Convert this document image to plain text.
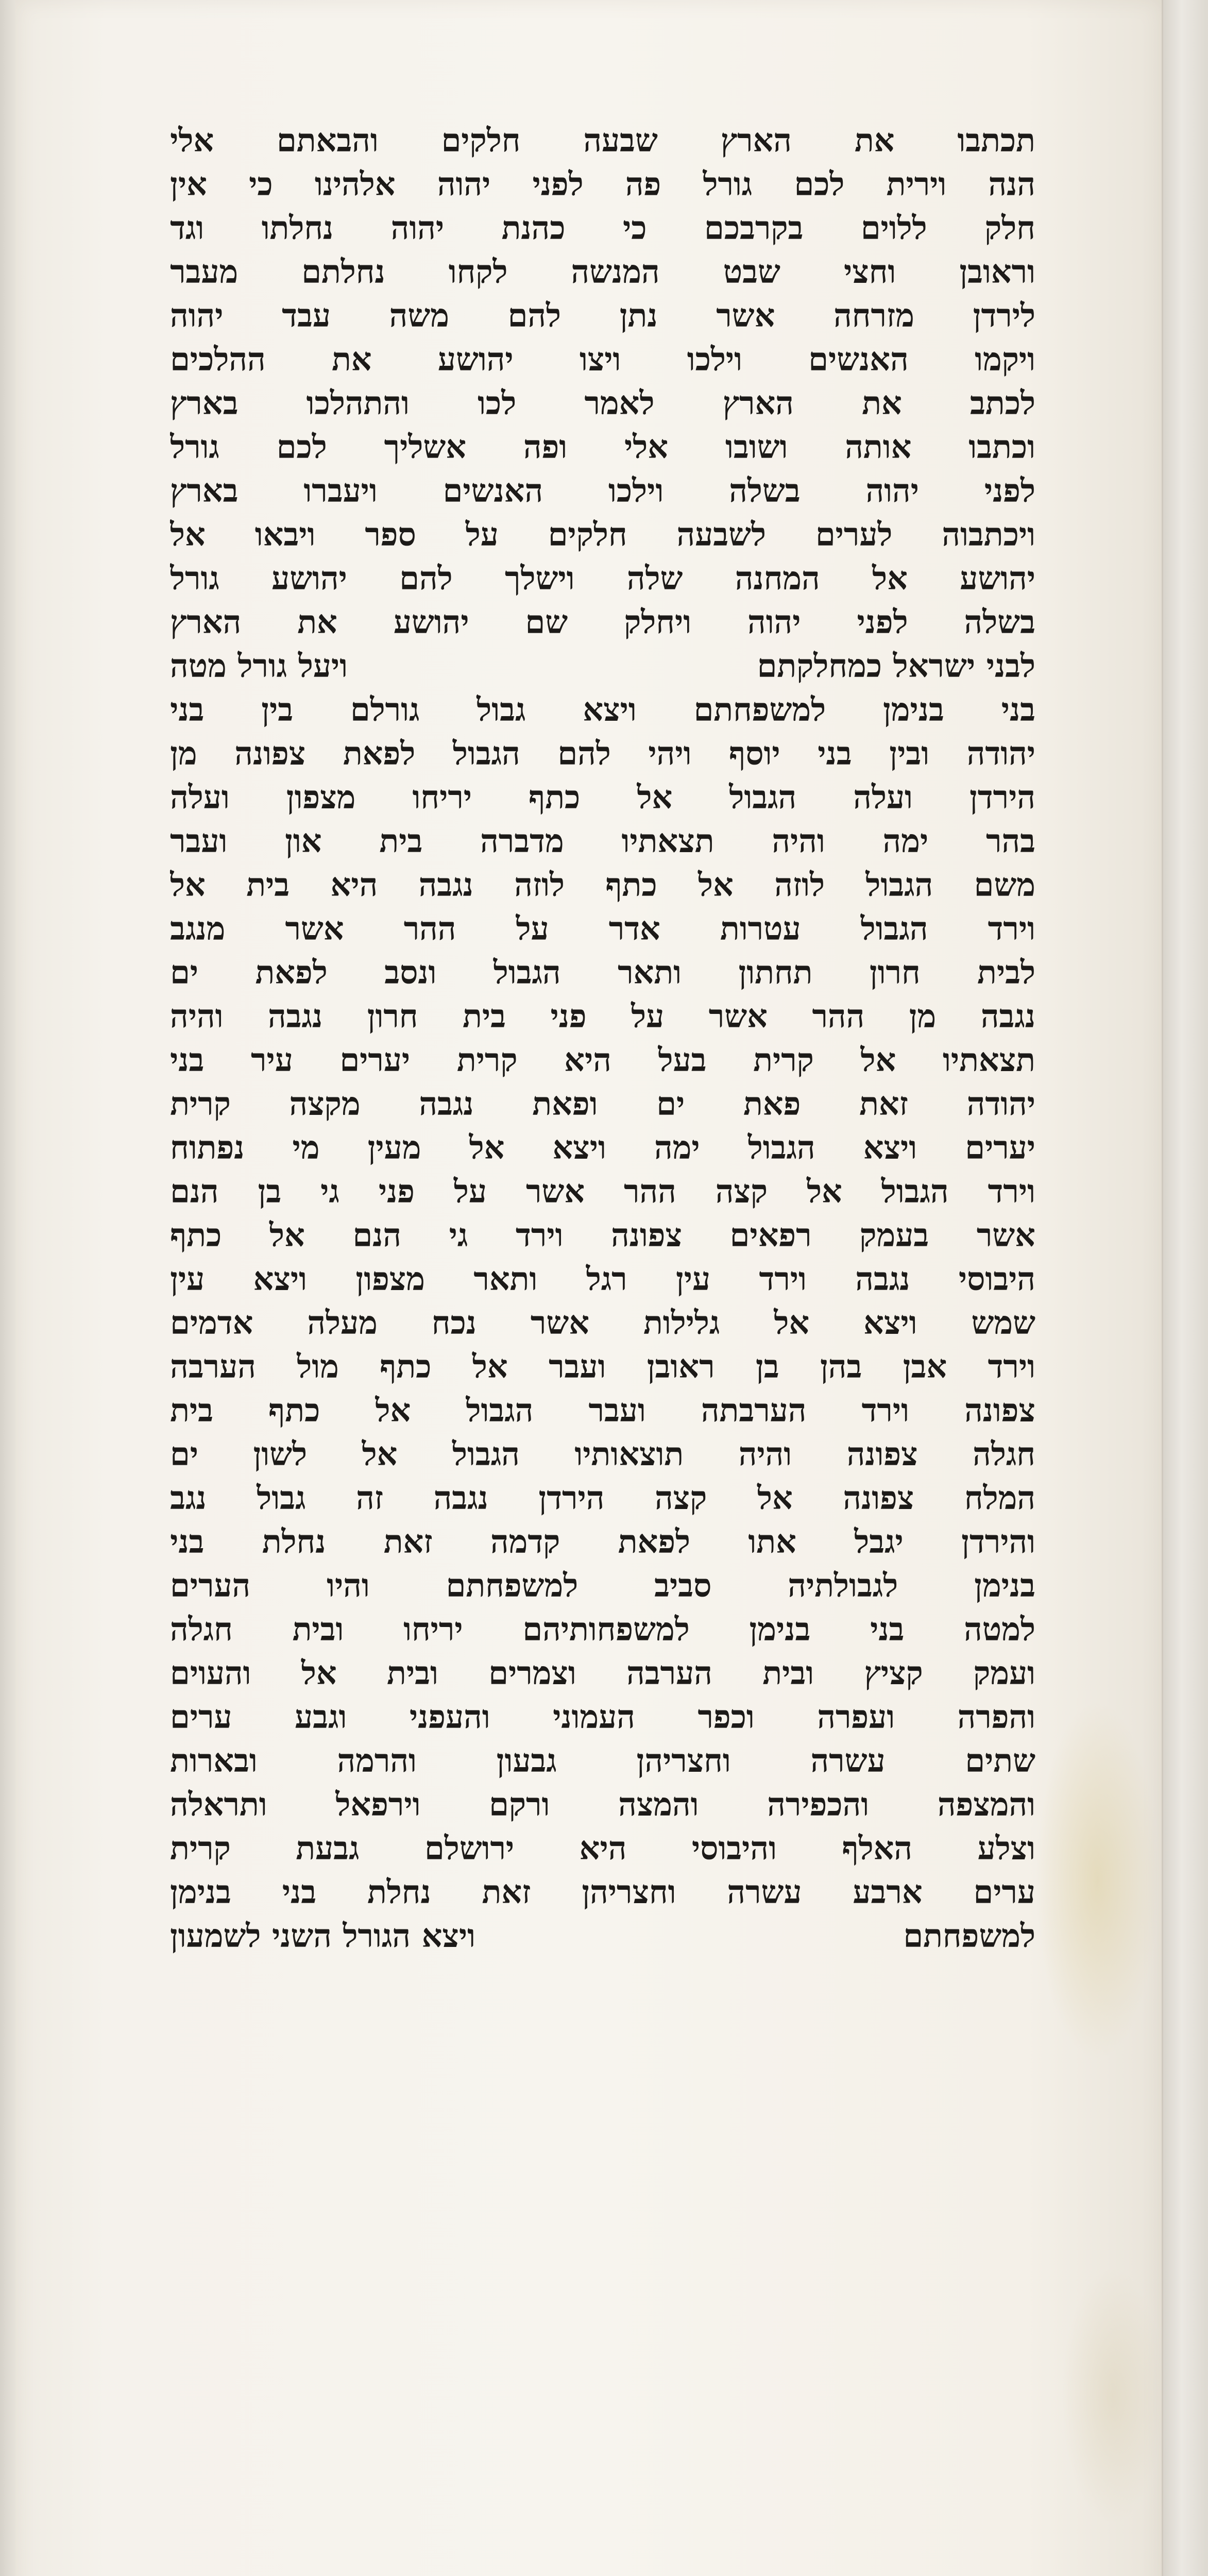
תכתבו
את
הארץ
שבעה
חלקים
והבאתם
אלי
הנה
וירית
לכם
גורל
פה
לפני
יהוה
אלהינו
כי
אין
חלק
ללוים
בקרבכם
כי
כהנת
יהוה
נחלתו
וגד
וראובן
וחצי
שבט
המנשה
לקחו
נחלתם
מעבר
לירדן
מזרחה
אשר
נתן
להם
משה
עבד
יהוה
ויקמו
האנשים
וילכו
ויצו
יהושע
את
ההלכים
לכתב
את
הארץ
לאמר
לכו
והתהלכו
בארץ
וכתבו
אותה
ושובו
אלי
ופה
אשליך
לכם
גורל
לפני
יהוה
בשלה
וילכו
האנשים
ויעברו
בארץ
ויכתבוה
לערים
לשבעה
חלקים
על
ספר
ויבאו
אל
יהושע
אל
המחנה
שלה
וישלך
להם
יהושע
גורל
בשלה
לפני
יהוה
ויחלק
שם
יהושע
את
הארץ
לבני ישראל כמחלקתם
ויעל גורל מטה
בני
בנימן
למשפחתם
ויצא
גבול
גורלם
בין
בני
יהודה
ובין
בני
יוסף
ויהי
להם
הגבול
לפאת
צפונה
מן
הירדן
ועלה
הגבול
אל
כתף
יריחו
מצפון
ועלה
בהר
ימה
והיה
תצאתיו
מדברה
בית
און
ועבר
משם
הגבול
לוזה
אל
כתף
לוזה
נגבה
היא
בית
אל
וירד
הגבול
עטרות
אדר
על
ההר
אשר
מנגב
לבית
חרון
תחתון
ותאר
הגבול
ונסב
לפאת
ים
נגבה
מן
ההר
אשר
על
פני
בית
חרון
נגבה
והיה
תצאתיו
אל
קרית
בעל
היא
קרית
יערים
עיר
בני
יהודה
זאת
פאת
ים
ופאת
נגבה
מקצה
קרית
יערים
ויצא
הגבול
ימה
ויצא
אל
מעין
מי
נפתוח
וירד
הגבול
אל
קצה
ההר
אשר
על
פני
גי
בן
הנם
אשר
בעמק
רפאים
צפונה
וירד
גי
הנם
אל
כתף
היבוסי
נגבה
וירד
עין
רגל
ותאר
מצפון
ויצא
עין
שמש
ויצא
אל
גלילות
אשר
נכח
מעלה
אדמים
וירד
אבן
בהן
בן
ראובן
ועבר
אל
כתף
מול
הערבה
צפונה
וירד
הערבתה
ועבר
הגבול
אל
כתף
בית
חגלה
צפונה
והיה
תוצאותיו
הגבול
אל
לשון
ים
המלח
צפונה
אל
קצה
הירדן
נגבה
זה
גבול
נגב
והירדן
יגבל
אתו
לפאת
קדמה
זאת
נחלת
בני
בנימן
לגבולתיה
סביב
למשפחתם
והיו
הערים
למטה
בני
בנימן
למשפחותיהם
יריחו
ובית
חגלה
ועמק
קציץ
ובית
הערבה
וצמרים
ובית
אל
והעוים
והפרה
ועפרה
וכפר
העמוני
והעפני
וגבע
ערים
שתים
עשרה
וחצריהן
גבעון
והרמה
ובארות
והמצפה
והכפירה
והמצה
ורקם
וירפאל
ותראלה
וצלע
האלף
והיבוסי
היא
ירושלם
גבעת
קרית
ערים
ארבע
עשרה
וחצריהן
זאת
נחלת
בני
בנימן
למשפחתם
ויצא הגורל השני לשמעון
